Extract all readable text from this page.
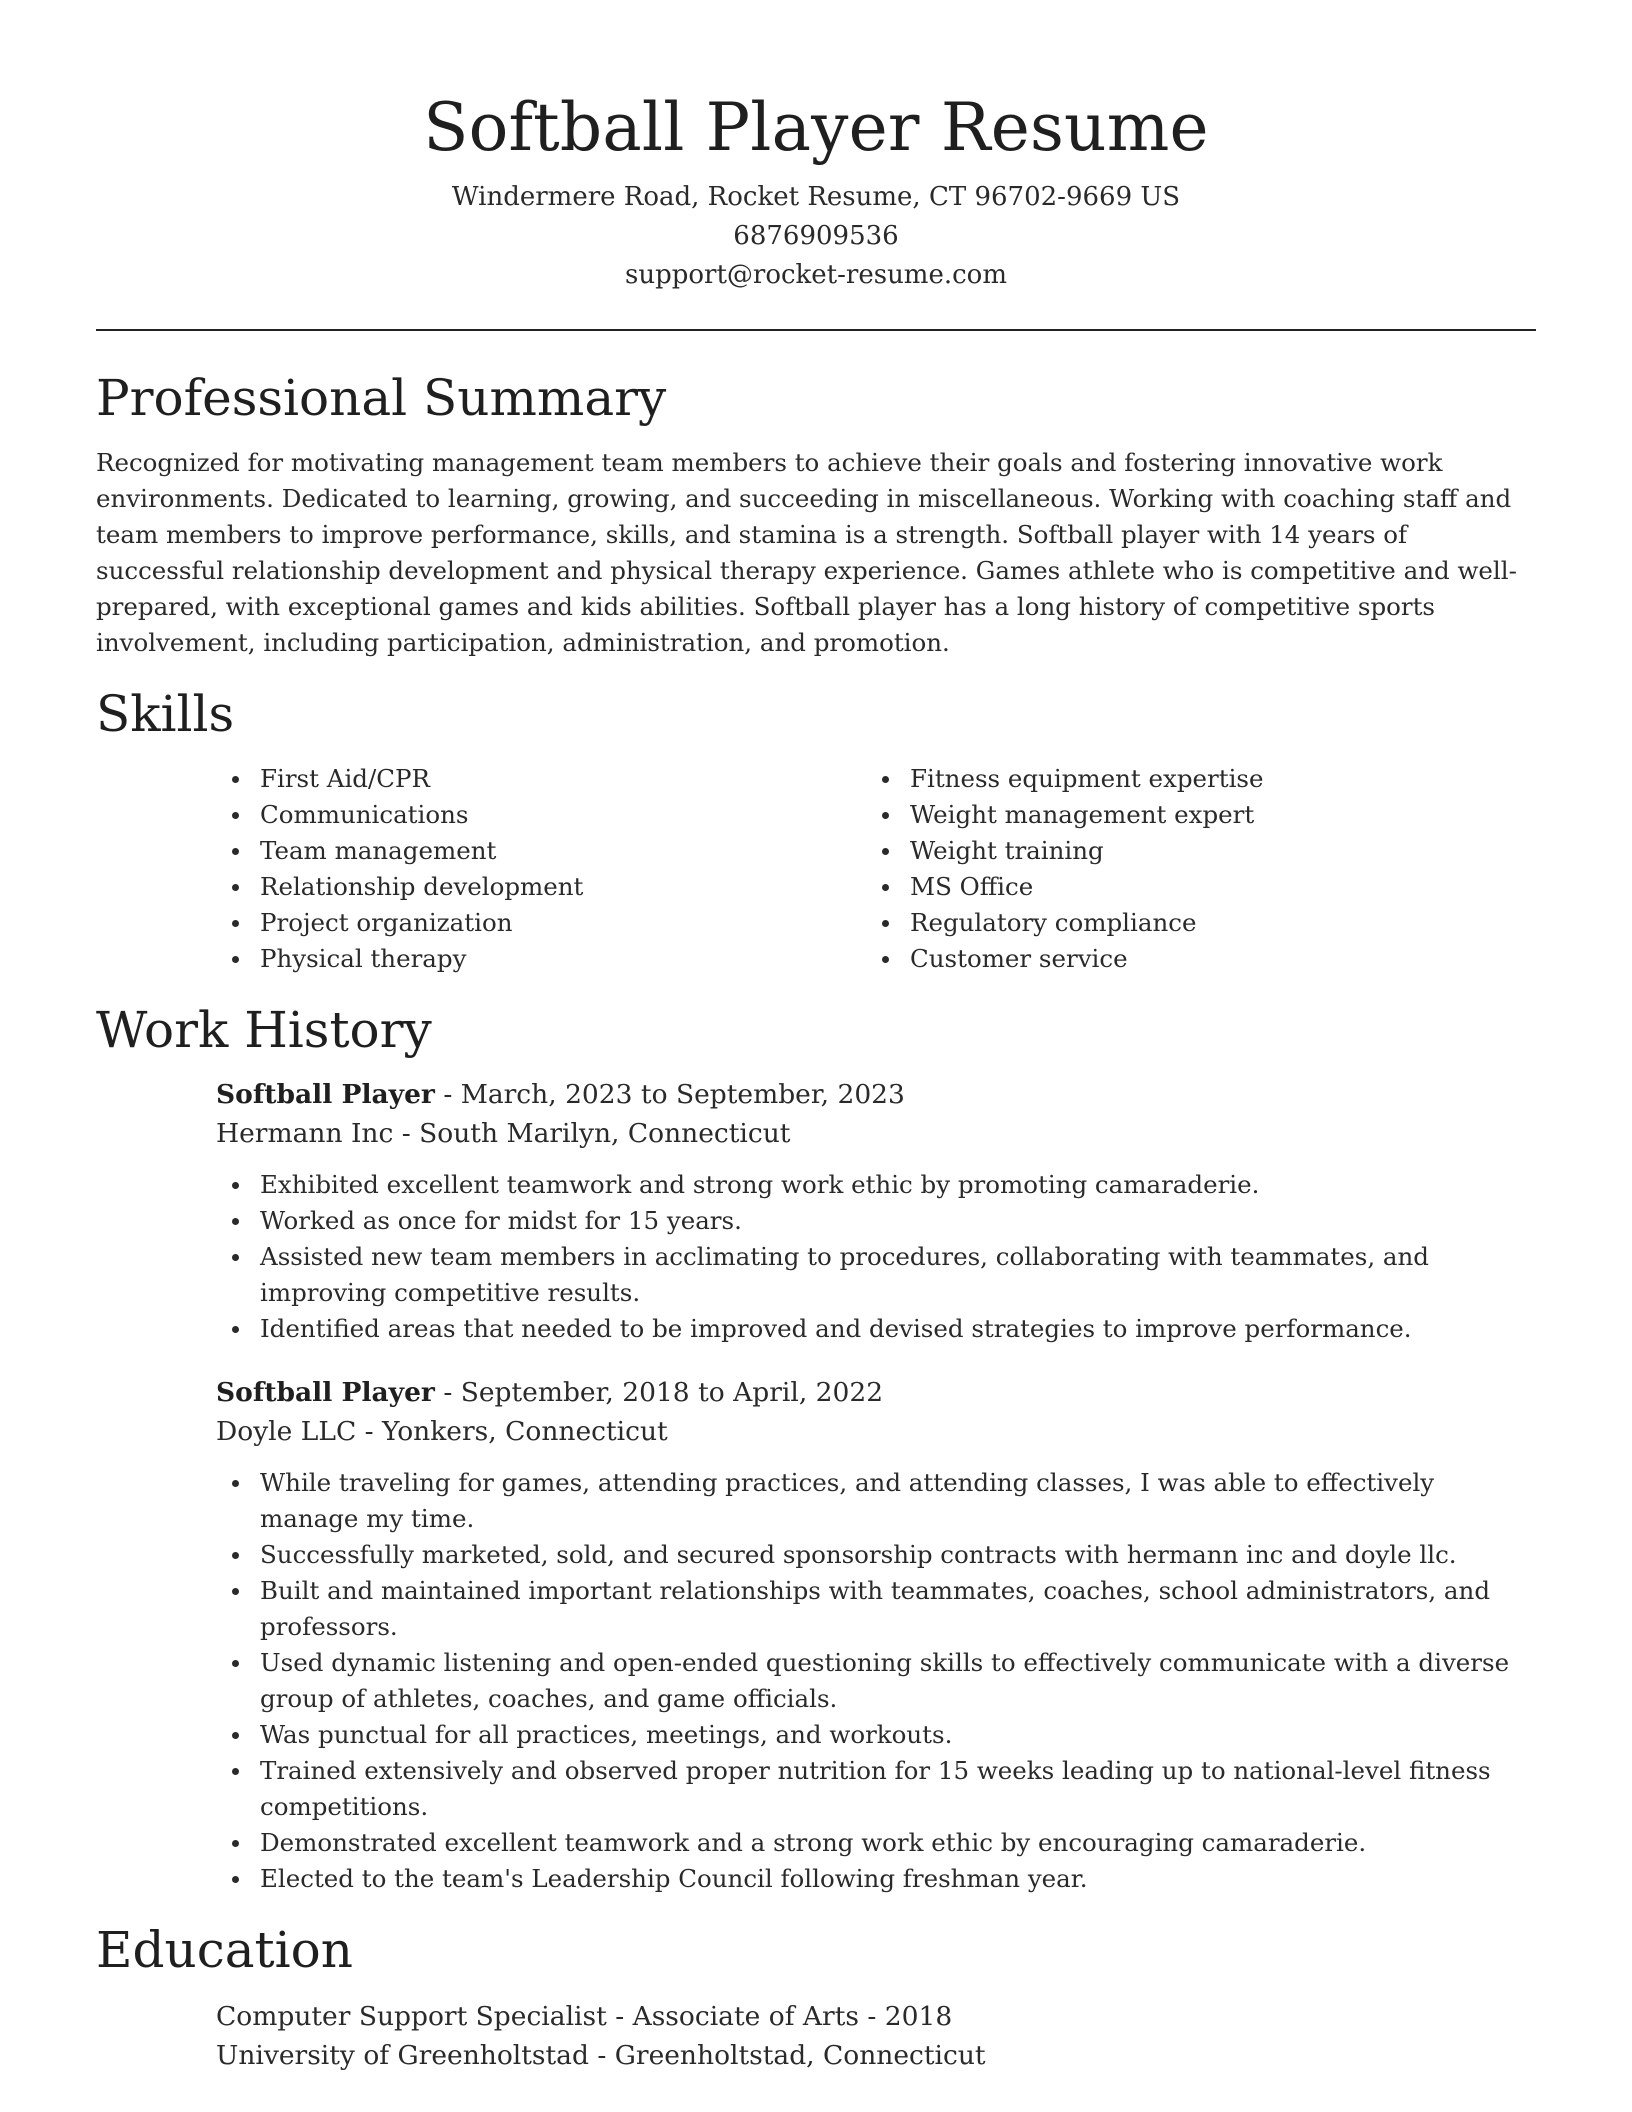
Softball Player Resume
Windermere Road, Rocket Resume, CT 96702-9669 US
6876909536
support@rocket-resume.com
Professional Summary

Recognized for motivating management team members to achieve their goals and fostering innovative work environments. Dedicated to learning, growing, and succeeding in miscellaneous. Working with coaching staff and team members to improve performance, skills, and stamina is a strength. Softball player with 14 years of successful relationship development and physical therapy experience. Games athlete who is competitive and well-prepared, with exceptional games and kids abilities. Softball player has a long history of competitive sports involvement, including participation, administration, and promotion.

Skills
First Aid/CPR
Communications
Team management
Relationship development
Project organization
Physical therapy
Fitness equipment expertise
Weight management expert
Weight training
MS Office
Regulatory compliance
Customer service
Work History
Softball Player - March, 2023 to September, 2023
Hermann Inc - South Marilyn, Connecticut
Exhibited excellent teamwork and strong work ethic by promoting camaraderie.
Worked as once for midst for 15 years.
Assisted new team members in acclimating to procedures, collaborating with teammates, and improving competitive results.
Identified areas that needed to be improved and devised strategies to improve performance.
Softball Player - September, 2018 to April, 2022
Doyle LLC - Yonkers, Connecticut
While traveling for games, attending practices, and attending classes, I was able to effectively manage my time.
Successfully marketed, sold, and secured sponsorship contracts with hermann inc and doyle llc.
Built and maintained important relationships with teammates, coaches, school administrators, and professors.
Used dynamic listening and open-ended questioning skills to effectively communicate with a diverse group of athletes, coaches, and game officials.
Was punctual for all practices, meetings, and workouts.
Trained extensively and observed proper nutrition for 15 weeks leading up to national-level fitness competitions.
Demonstrated excellent teamwork and a strong work ethic by encouraging camaraderie.
Elected to the team's Leadership Council following freshman year.
Education
Computer Support Specialist - Associate of Arts - 2018
University of Greenholtstad - Greenholtstad, Connecticut
